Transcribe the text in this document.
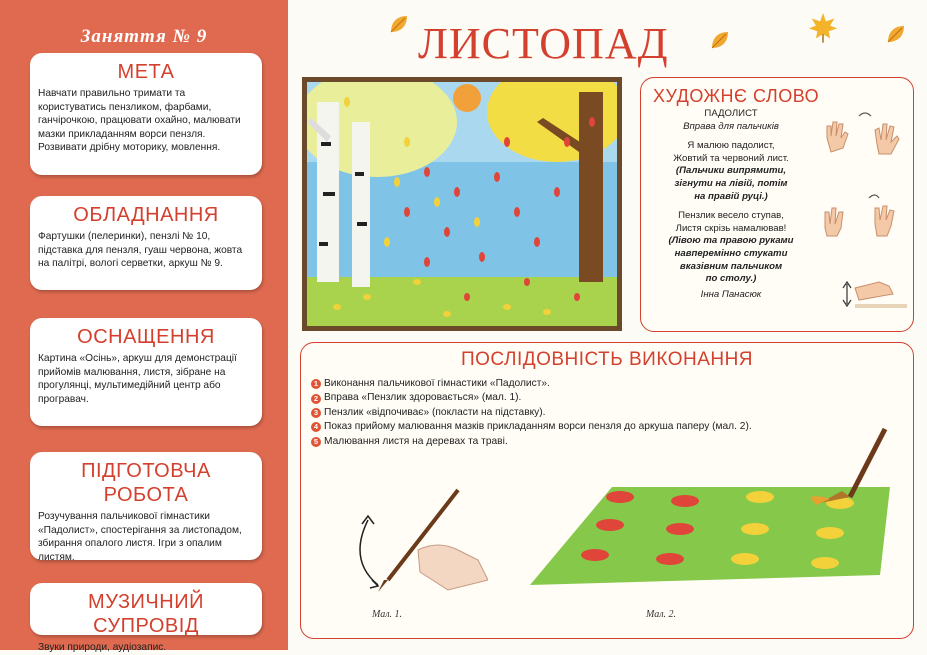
Заняття № 9
МЕТА

Навчати правильно тримати та користуватись пензликом, фарбами, ганчірочкою, працювати охайно, малювати мазки прикладанням ворси пензля. Розвивати дрібну моторику, мовлення.

ОБЛАДНАННЯ

Фартушки (пелеринки), пензлі № 10, підставка для пензля, гуаш червона, жовта на палітрі, вологі серветки, аркуш № 9.

ОСНАЩЕННЯ

Картина «Осінь», аркуш для демонстрації прийомів малювання, листя, зібране на прогулянці, мультимедійний центр або програвач.

ПІДГОТОВЧА РОБОТА

Розучування пальчикової гімнастики «Падолист», спостерігання за листопадом, збирання опалого листя. Ігри з опалим листям.

МУЗИЧНИЙ СУПРОВІД

Звуки природи, аудіозапис.

ЛИСТОПАД
ХУДОЖНЄ СЛОВО
ПАДОЛИСТ
Вправа для пальчиків
Я малюю падолист,
Жовтий та червоний лист.
(Пальчики випрямити,
зігнути на лівій, потім
на правій руці.)
Пензлик весело ступав,
Листя скрізь намалював!
(Лівою та правою руками
навперемінно стукати
вказівним пальчиком
по столу.)
Інна Панасюк
ПОСЛІДОВНІСТЬ ВИКОНАННЯ
1 Виконання пальчикової гімнастики «Падолист».
2 Вправа «Пензлик здоровається» (мал. 1).
3 Пензлик «відпочиває» (покласти на підставку).
4 Показ прийому малювання мазків прикладанням ворси пензля до аркуша паперу (мал. 2).
5 Малювання листя на деревах та траві.
Мал. 1.	Мал. 2.
